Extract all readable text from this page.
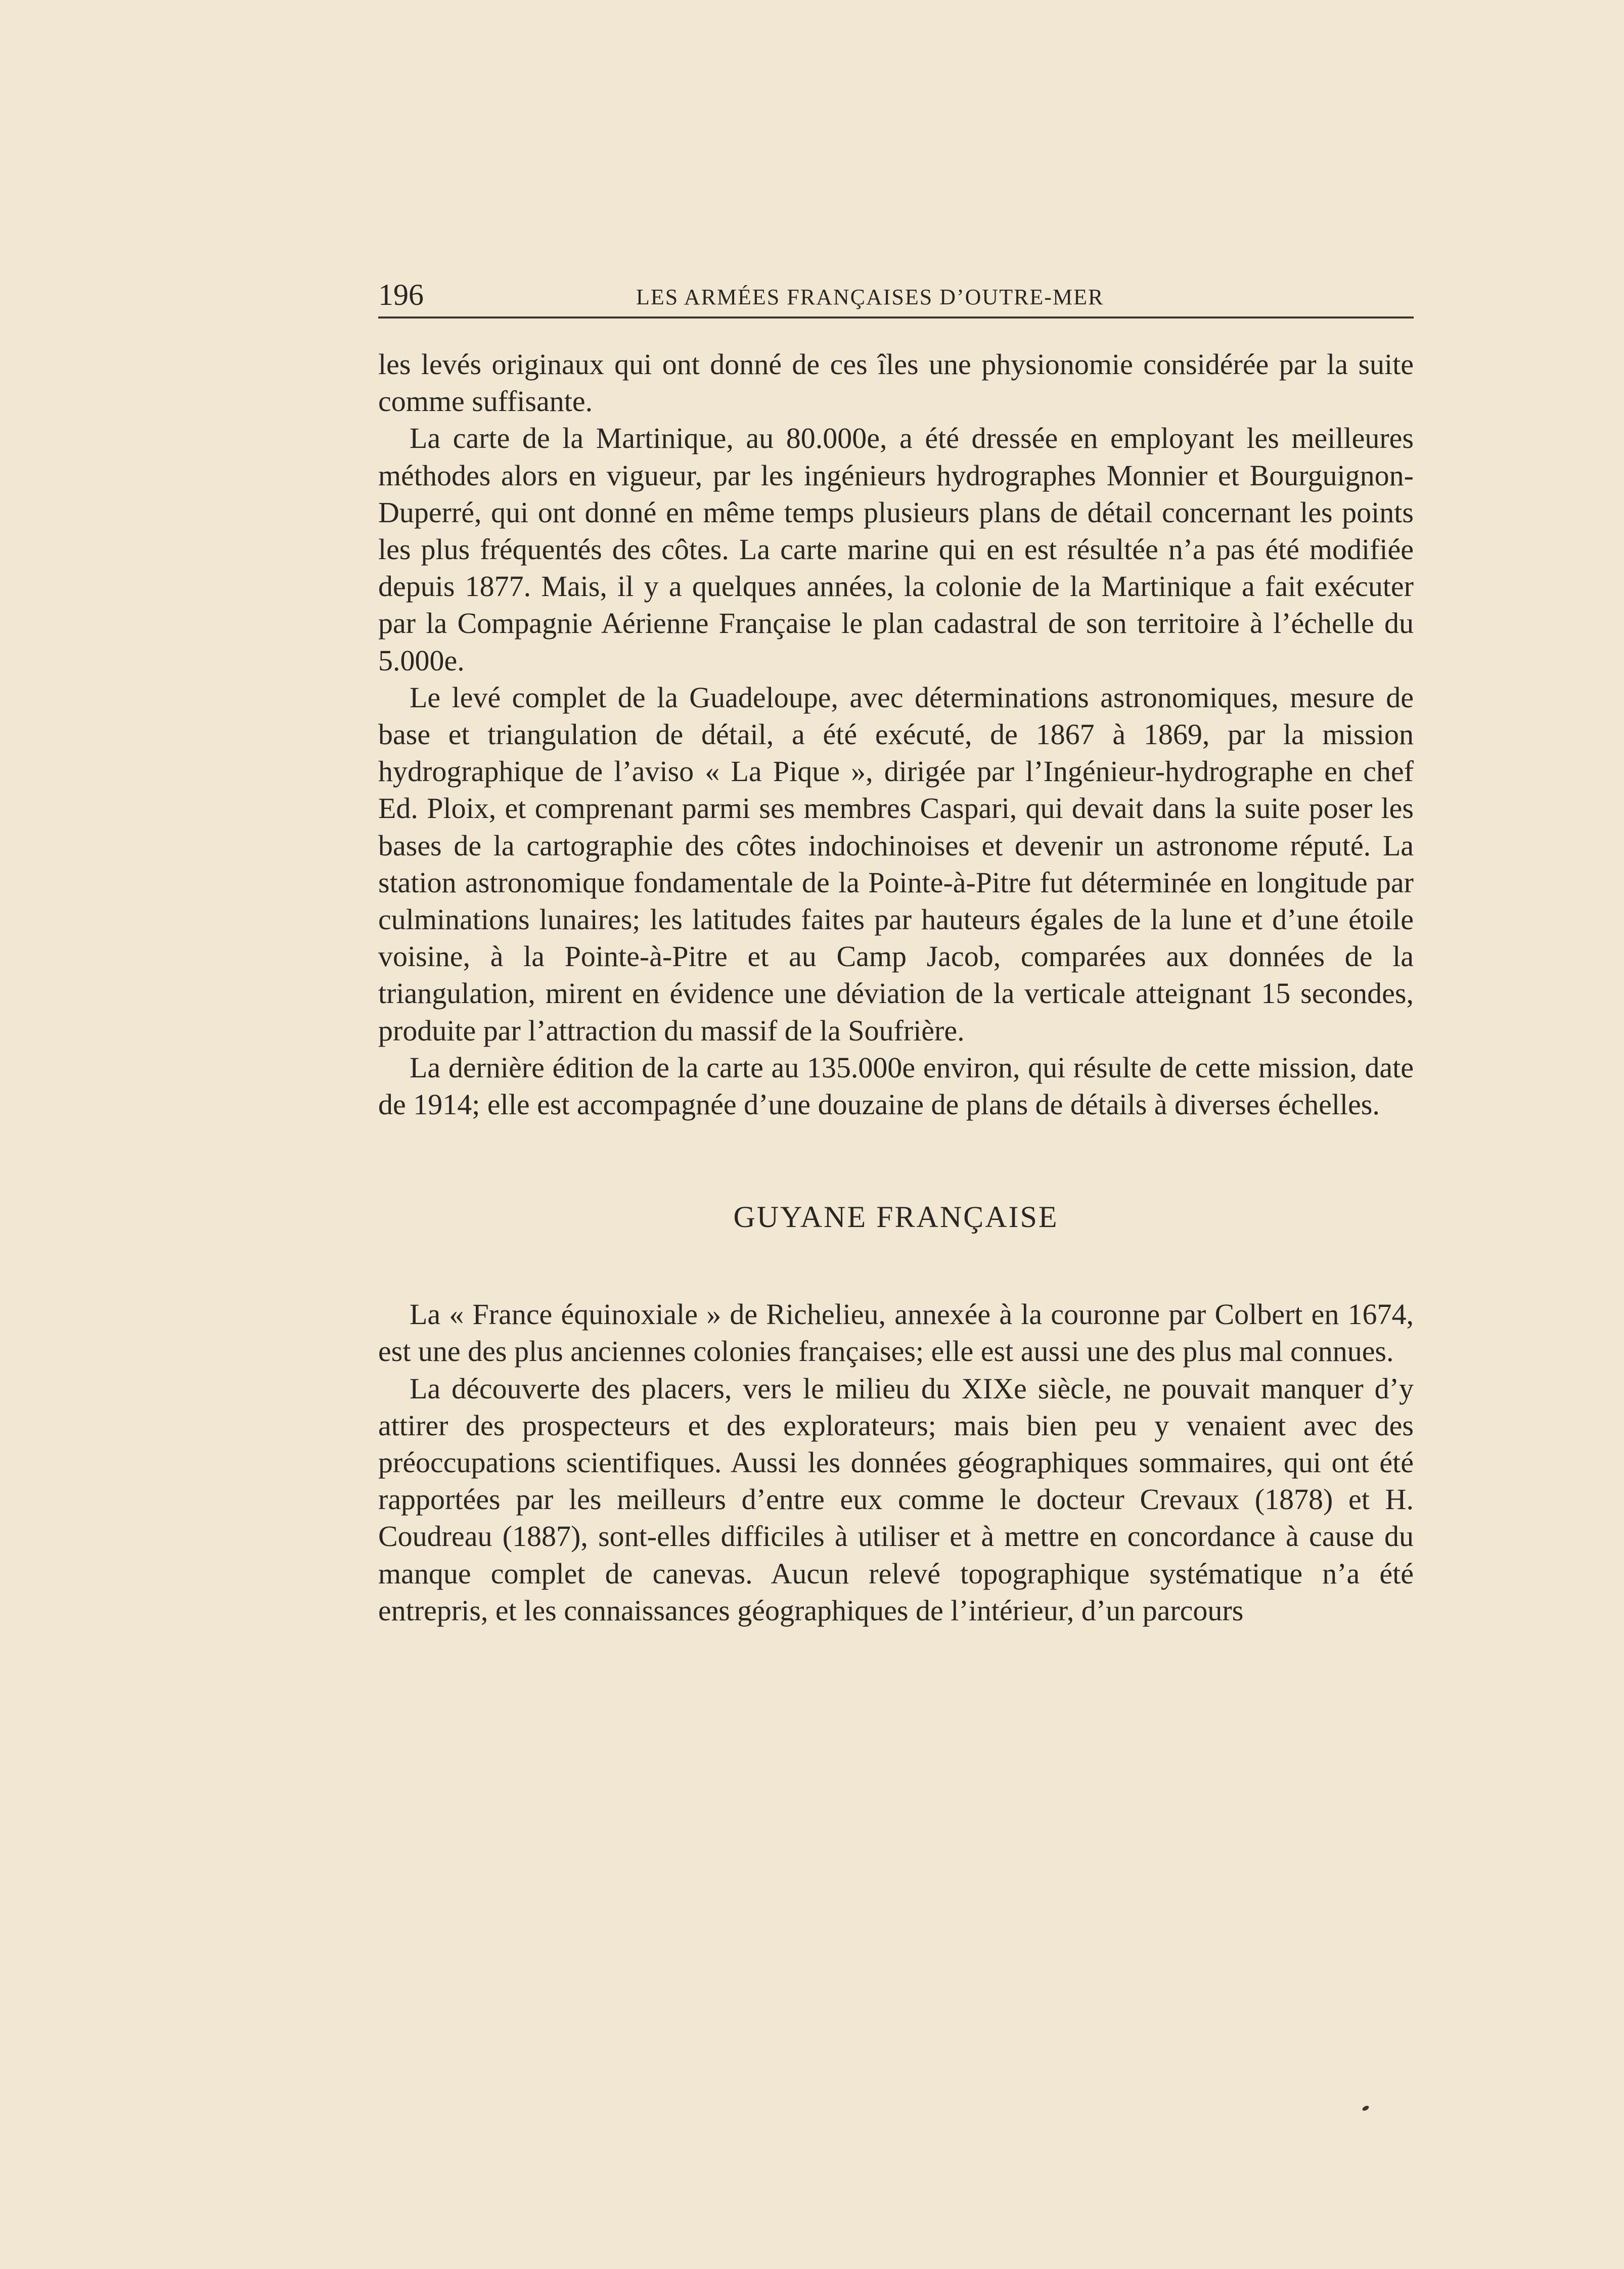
196	LES ARMÉES FRANÇAISES D’OUTRE-MER

les levés originaux qui ont donné de ces îles une physionomie considérée par la suite comme suffisante.

La carte de la Martinique, au 80.000e, a été dressée en employant les meilleures méthodes alors en vigueur, par les ingénieurs hydrographes Monnier et Bourguignon-Duperré, qui ont donné en même temps plusieurs plans de détail concernant les points les plus fréquentés des côtes. La carte marine qui en est résultée n’a pas été modifiée depuis 1877. Mais, il y a quelques années, la colonie de la Martinique a fait exécuter par la Compagnie Aérienne Française le plan cadastral de son territoire à l’échelle du 5.000e.

Le levé complet de la Guadeloupe, avec déterminations astronomiques, mesure de base et triangulation de détail, a été exécuté, de 1867 à 1869, par la mission hydrographique de l’aviso « La Pique », dirigée par l’Ingénieur-hydrographe en chef Ed. Ploix, et comprenant parmi ses membres Caspari, qui devait dans la suite poser les bases de la cartographie des côtes indochinoises et devenir un astronome réputé. La station astronomique fondamentale de la Pointe-à-Pitre fut déterminée en longitude par culminations lunaires; les latitudes faites par hauteurs égales de la lune et d’une étoile voisine, à la Pointe-à-Pitre et au Camp Jacob, comparées aux données de la triangulation, mirent en évidence une déviation de la verticale atteignant 15 secondes, produite par l’attraction du massif de la Soufrière.

La dernière édition de la carte au 135.000e environ, qui résulte de cette mission, date de 1914; elle est accompagnée d’une douzaine de plans de détails à diverses échelles.

GUYANE FRANÇAISE

La « France équinoxiale » de Richelieu, annexée à la couronne par Colbert en 1674, est une des plus anciennes colonies françaises; elle est aussi une des plus mal connues.

La découverte des placers, vers le milieu du XIXe siècle, ne pouvait manquer d’y attirer des prospecteurs et des explorateurs; mais bien peu y venaient avec des préoccupations scientifiques. Aussi les données géographiques sommaires, qui ont été rapportées par les meilleurs d’entre eux comme le docteur Crevaux (1878) et H. Coudreau (1887), sont-elles difficiles à utiliser et à mettre en concordance à cause du manque complet de canevas. Aucun relevé topographique systématique n’a été entrepris, et les connaissances géographiques de l’intérieur, d’un parcours
